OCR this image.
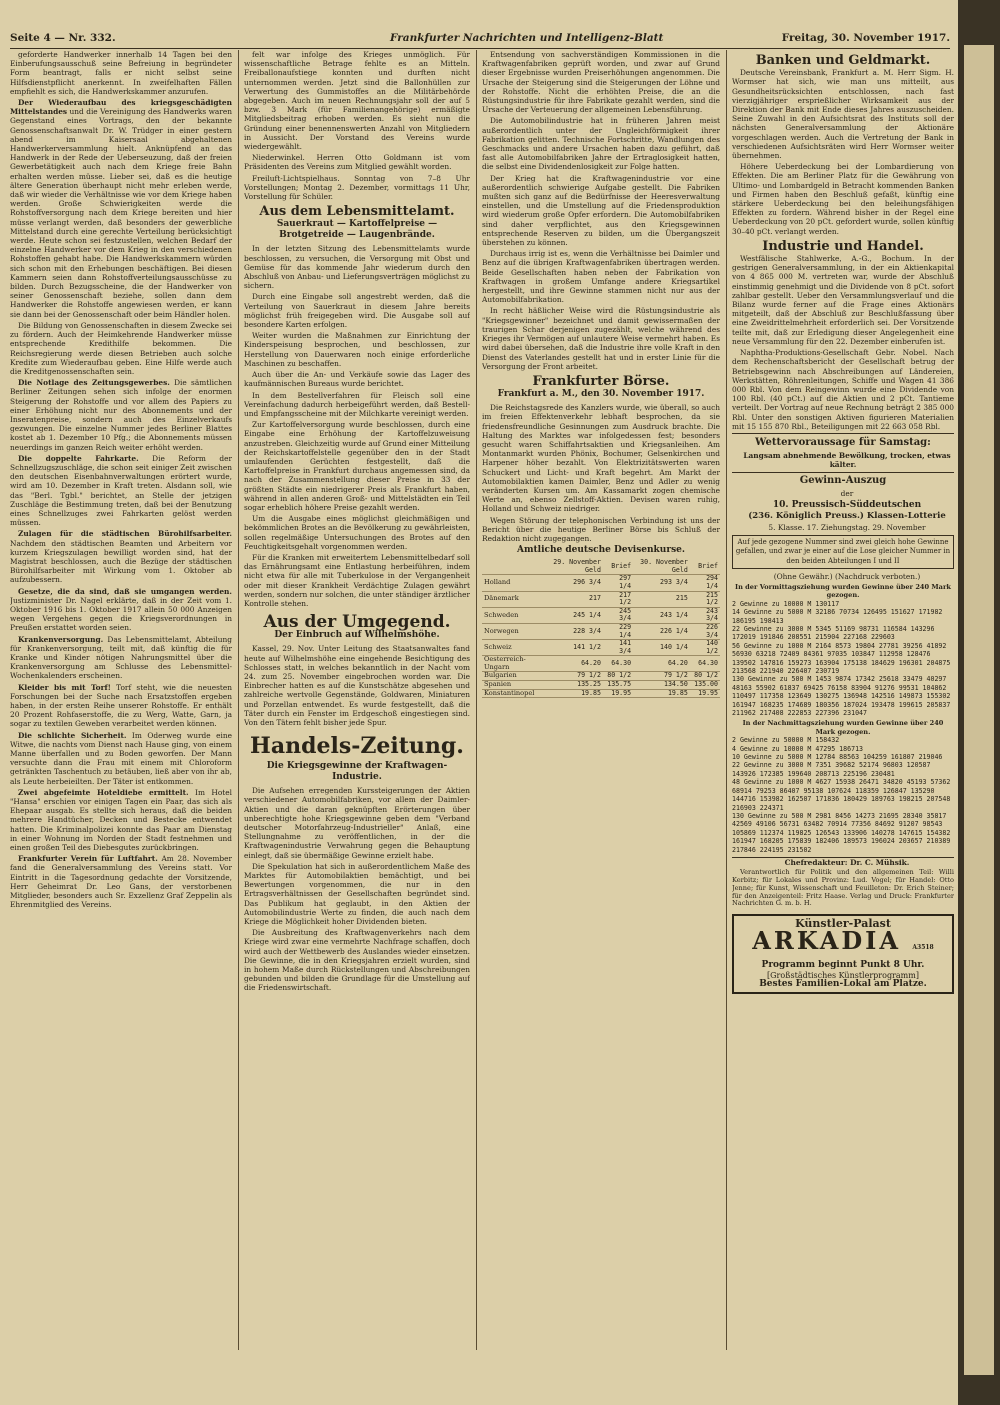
Seite 4 — Nr. 332.	Frankfurter Nachrichten und Intelligenz-Blatt	Freitag, 30. November 1917.

geforderte Handwerker innerhalb 14 Tagen bei den Einberufungsausschuß seine Befreiung in begründeter Form beantragt, falls er nicht selbst seine Hilfsdienstpflicht anerkennt. In zweifelhaften Fällen empfiehlt es sich, die Handwerkskammer anzurufen.

Der Wiederaufbau des kriegsgeschädigten Mittelstandes und die Vereinigung des Handwerks waren Gegenstand eines Vortrags, den der bekannte Genossenschaftsanwalt Dr. W. Trüdger in einer gestern abend im Kaisersaal abgehaltenen Handwerkerversammlung hielt. Anknüpfend an das Handwerk in der Rede der Ueberseuzung, daß der freien Gewerbetätigkeit auch nach dem Kriege freie Bahn erhalten werden müsse. Lieber sei, daß es die heutige ältere Generation überhaupt nicht mehr erleben werde, daß wir wieder die Verhältnisse wie vor dem Kriege haben werden. Große Schwierigkeiten werde die Rohstoffversorgung nach dem Kriege bereiten und hier müsse verlangt werden, daß besonders der gewerbliche Mittelstand durch eine gerechte Verteilung berücksichtigt werde. Heute schon sei festzustellen, welchen Bedarf der einzelne Handwerker vor dem Krieg in den verschiedenen Rohstoffen gehabt habe. Die Handwerkskammern würden sich schon mit den Erhebungen beschäftigen. Bei diesen Kammern seien dann Rohstoffverteilungsausschüsse zu bilden. Durch Bezugsscheine, die der Handwerker von seiner Genossenschaft beziehe, sollen dann dem Handwerker die Rohstoffe angewiesen werden, er kann sie dann bei der Genossenschaft oder beim Händler holen.

Die Bildung von Genossenschaften in diesem Zwecke sei zu fördern. Auch der Heimkehrende Handwerker müsse entsprechende Kredithilfe bekommen. Die Reichsregierung werde diesen Betrieben auch solche Kredite zum Wiederaufbau geben. Eine Hilfe werde auch die Kreditgenossenschaften sein.

Die Notlage des Zeitungsgewerbes. Die sämtlichen Berliner Zeitungen sehen sich infolge der enormen Steigerung der Rohstoffe und vor allem des Papiers zu einer Erhöhung nicht nur des Abonnements und der Inseratenpreise, sondern auch des Einzelverkaufs gezwungen. Die einzelne Nummer jedes Berliner Blattes kostet ab 1. Dezember 10 Pfg.; die Abonnements müssen neuerdings im ganzen Reich weiter erhöht werden.

Die doppelte Fahrkarte. Die Reform der Schnellzugszuschläge, die schon seit einiger Zeit zwischen den deutschen Eisenbahnverwaltungen erörtert wurde, wird am 10. Dezember in Kraft treten. Alsdann soll, wie das "Berl. Tgbl." berichtet, an Stelle der jetzigen Zuschläge die Bestimmung treten, daß bei der Benutzung eines Schnellzuges zwei Fahrkarten gelöst werden müssen.

Zulagen für die städtischen Bürohilfsarbeiter. Nachdem den städtischen Beamten und Arbeitern vor kurzem Kriegszulagen bewilligt worden sind, hat der Magistrat beschlossen, auch die Bezüge der städtischen Bürohilfsarbeiter mit Wirkung vom 1. Oktober ab aufzubessern.

Gesetze, die da sind, daß sie umgangen werden. Justizminister Dr. Nagel erklärte, daß in der Zeit vom 1. Oktober 1916 bis 1. Oktober 1917 allein 50 000 Anzeigen wegen Vergehens gegen die Kriegsverordnungen in Preußen erstattet worden seien.

Krankenversorgung. Das Lebensmittelamt, Abteilung für Krankenversorgung, teilt mit, daß künftig die für Kranke und Kinder nötigen Nahrungsmittel über die Krankenversorgung am Schlusse des Lebensmittel-Wochenkalenders erscheinen.

Kleider bis mit Torf! Torf steht, wie die neuesten Forschungen bei der Suche nach Ersatzstoffen ergeben haben, in der ersten Reihe unserer Rohstoffe. Er enthält 20 Prozent Rohfaserstoffe, die zu Werg, Watte, Garn, ja sogar zu textilen Geweben verarbeitet werden können.

Die schlichte Sicherheit. Im Oderweg wurde eine Witwe, die nachts vom Dienst nach Hause ging, von einem Manne überfallen und zu Boden geworfen. Der Mann versuchte dann die Frau mit einem mit Chloroform getränkten Taschentuch zu betäuben, ließ aber von ihr ab, als Leute herbeieilten. Der Täter ist entkommen.

Zwei abgefeimte Hoteldiebe ermittelt. Im Hotel "Hansa" erschien vor einigen Tagen ein Paar, das sich als Ehepaar ausgab. Es stellte sich heraus, daß die beiden mehrere Handtücher, Decken und Bestecke entwendet hatten. Die Kriminalpolizei konnte das Paar am Dienstag in einer Wohnung im Norden der Stadt festnehmen und einen großen Teil des Diebesgutes zurückbringen.

Frankfurter Verein für Luftfahrt. Am 28. November fand die Generalversammlung des Vereins statt. Vor Eintritt in die Tagesordnung gedachte der Vorsitzende, Herr Geheimrat Dr. Leo Gans, der verstorbenen Mitglieder, besonders auch Sr. Exzellenz Graf Zeppelin als Ehrenmitglied des Vereins.

felt war infolge des Krieges unmöglich. Für wissenschaftliche Betrage fehlte es an Mitteln. Freiballonaufstiege konnten und durften nicht unternommen werden. Jetzt sind die Ballonhüllen zur Verwertung des Gummistoffes an die Militärbehörde abgegeben. Auch im neuen Rechnungsjahr soll der auf 5 bzw. 3 Mark (für Familienangehörige) ermäßigte Mitgliedsbeitrag erhoben werden. Es sieht nun die Gründung einer benennenswerten Anzahl von Mitgliedern in Aussicht. Der Vorstand des Vereins wurde wiedergewählt.

Niederwinkel. Herren Otto Goldmann ist vom Präsidenten des Vereins zum Mitglied gewählt worden.

Freiluft-Lichtspielhaus. Sonntag von 7–8 Uhr Vorstellungen; Montag 2. Dezember, vormittags 11 Uhr, Vorstellung für Schüler.

Aus dem Lebensmittelamt.
Sauerkraut — Kartoffelpreise — Brotgetreide — Laugenbrände.

In der letzten Sitzung des Lebensmittelamts wurde beschlossen, zu versuchen, die Versorgung mit Obst und Gemüse für das kommende Jahr wiederum durch den Abschluß von Anbau- und Lieferungsverträgen möglichst zu sichern.

Durch eine Eingabe soll angestrebt werden, daß die Verteilung von Sauerkraut in diesem Jahre bereits möglichst früh freigegeben wird. Die Ausgabe soll auf besondere Karten erfolgen.

Weiter wurden die Maßnahmen zur Einrichtung der Kinderspeisung besprochen, und beschlossen, zur Herstellung von Dauerwaren noch einige erforderliche Maschinen zu beschaffen.

Auch über die An- und Verkäufe sowie das Lager des kaufmännischen Bureaus wurde berichtet.

In dem Bestellverfahren für Fleisch soll eine Vereinfachung dadurch herbeigeführt werden, daß Bestell- und Empfangsscheine mit der Milchkarte vereinigt werden.

Zur Kartoffelversorgung wurde beschlossen, durch eine Eingabe eine Erhöhung der Kartoffelzuweisung anzustreben. Gleichzeitig wurde auf Grund einer Mitteilung der Reichskartoffelstelle gegenüber den in der Stadt umlaufenden Gerüchten festgestellt, daß die Kartoffelpreise in Frankfurt durchaus angemessen sind, da nach der Zusammenstellung dieser Preise in 33 der größten Städte ein niedrigerer Preis als Frankfurt haben, während in allen anderen Groß- und Mittelstädten ein Teil sogar erheblich höhere Preise gezahlt werden.

Um die Ausgabe eines möglichst gleichmäßigen und bekömmlichen Brotes an die Bevölkerung zu gewährleisten, sollen regelmäßige Untersuchungen des Brotes auf den Feuchtigkeitsgehalt vorgenommen werden.

Für die Kranken mit erweitertem Lebensmittelbedarf soll das Ernährungsamt eine Entlastung herbeiführen, indem nicht etwa für alle mit Tuberkulose in der Vergangenheit oder mit dieser Krankheit Verdächtige Zulagen gewährt werden, sondern nur solchen, die unter ständiger ärztlicher Kontrolle stehen.

Aus der Umgegend.
Der Einbruch auf Wilhelmshöhe.

Kassel, 29. Nov. Unter Leitung des Staatsanwaltes fand heute auf Wilhelmshöhe eine eingehende Besichtigung des Schlosses statt, in welches bekanntlich in der Nacht vom 24. zum 25. November eingebrochen worden war. Die Einbrecher hatten es auf die Kunstschätze abgesehen und zahlreiche wertvolle Gegenstände, Goldwaren, Miniaturen und Porzellan entwendet. Es wurde festgestellt, daß die Täter durch ein Fenster im Erdgeschoß eingestiegen sind. Von den Tätern fehlt bisher jede Spur.

Handels-Zeitung.
Die Kriegsgewinne der Kraftwagen-Industrie.

Die Aufsehen erregenden Kurssteigerungen der Aktien verschiedener Automobilfabriken, vor allem der Daimler-Aktien und die daran geknüpften Erörterungen über unberechtigte hohe Kriegsgewinne geben dem "Verband deutscher Motorfahrzeug-Industrieller" Anlaß, eine Stellungnahme zu veröffentlichen, in der die Kraftwagenindustrie Verwahrung gegen die Behauptung einlegt, daß sie übermäßige Gewinne erzielt habe.

Die Spekulation hat sich in außerordentlichem Maße des Marktes für Automobilaktien bemächtigt, und bei Bewertungen vorgenommen, die nur in den Ertragsverhältnissen der Gesellschaften begründet sind. Das Publikum hat geglaubt, in den Aktien der Automobilindustrie Werte zu finden, die auch nach dem Kriege die Möglichkeit hoher Dividenden bieten.

Die Ausbreitung des Kraftwagenverkehrs nach dem Kriege wird zwar eine vermehrte Nachfrage schaffen, doch wird auch der Wettbewerb des Auslandes wieder einsetzen. Die Gewinne, die in den Kriegsjahren erzielt wurden, sind in hohem Maße durch Rückstellungen und Abschreibungen gebunden und bilden die Grundlage für die Umstellung auf die Friedenswirtschaft.

Entsendung von sachverständigen Kommissionen in die Kraftwagenfabriken geprüft worden, und zwar auf Grund dieser Ergebnisse wurden Preiserhöhungen angenommen. Die Ursache der Steigerung sind die Steigerungen der Löhne und der Rohstoffe. Nicht die erhöhten Preise, die an die Rüstungsindustrie für ihre Fabrikate gezahlt werden, sind die Ursache der Verteuerung der allgemeinen Lebensführung.

Die Automobilindustrie hat in früheren Jahren meist außerordentlich unter der Ungleichförmigkeit ihrer Fabrikation gelitten. Technische Fortschritte, Wandlungen des Geschmacks und andere Ursachen haben dazu geführt, daß fast alle Automobilfabriken Jahre der Ertraglosigkeit hatten, die selbst eine Dividendenlosigkeit zur Folge hatten.

Der Krieg hat die Kraftwagenindustrie vor eine außerordentlich schwierige Aufgabe gestellt. Die Fabriken mußten sich ganz auf die Bedürfnisse der Heeresverwaltung einstellen, und die Umstellung auf die Friedensproduktion wird wiederum große Opfer erfordern. Die Automobilfabriken sind daher verpflichtet, aus den Kriegsgewinnen entsprechende Reserven zu bilden, um die Übergangszeit überstehen zu können.

Durchaus irrig ist es, wenn die Verhältnisse bei Daimler und Benz auf die übrigen Kraftwagenfabriken übertragen werden. Beide Gesellschaften haben neben der Fabrikation von Kraftwagen in großem Umfange andere Kriegsartikel hergestellt, und ihre Gewinne stammen nicht nur aus der Automobilfabrikation.

In recht häßlicher Weise wird die Rüstungsindustrie als "Kriegsgewinner" bezeichnet und damit gewissermaßen der traurigen Schar derjenigen zugezählt, welche während des Krieges ihr Vermögen auf unlautere Weise vermehrt haben. Es wird dabei übersehen, daß die Industrie ihre volle Kraft in den Dienst des Vaterlandes gestellt hat und in erster Linie für die Versorgung der Front arbeitet.

Frankfurter Börse.
Frankfurt a. M., den 30. November 1917.

Die Reichstagsrede des Kanzlers wurde, wie überall, so auch im freien Effektenverkehr lebhaft besprochen, da sie friedensfreundliche Gesinnungen zum Ausdruck brachte. Die Haltung des Marktes war infolgedessen fest; besonders gesucht waren Schiffahrtsaktien und Kriegsanleihen. Am Montanmarkt wurden Phönix, Bochumer, Gelsenkirchen und Harpener höher bezahlt. Von Elektrizitätswerten waren Schuckert und Licht- und Kraft begehrt. Am Markt der Automobilaktien kamen Daimler, Benz und Adler zu wenig veränderten Kursen um. Am Kassamarkt zogen chemische Werte an, ebenso Zellstoff-Aktien. Devisen waren ruhig, Holland und Schweiz niedriger.

Wegen Störung der telephonischen Verbindung ist uns der Bericht über die heutige Berliner Börse bis Schluß der Redaktion nicht zugegangen.

Amtliche deutsche Devisenkurse.
	29. November Geld	Brief	30. November Geld	Brief
Holland	296 3/4	297 1/4	293 3/4	294 1/4
Dänemark	217	217 1/2	215	215 1/2
Schweden	245 1/4	245 3/4	243 1/4	243 3/4
Norwegen	228 3/4	229 1/4	226 1/4	226 3/4
Schweiz	141 1/2	141 3/4	140 1/4	140 1/2
Oesterreich-Ungarn	64.20	64.30	64.20	64.30
Bulgarien	79 1/2	80 1/2	79 1/2	80 1/2
Spanien	135.25	135.75	134.50	135.00
Konstantinopel	19.85	19.95	19.85	19.95
Banken und Geldmarkt.

Deutsche Vereinsbank, Frankfurt a. M. Herr Sigm. H. Wormser hat sich, wie man uns mitteilt, aus Gesundheitsrücksichten entschlossen, nach fast vierzigjähriger ersprießlicher Wirksamkeit aus der Direktion der Bank mit Ende dieses Jahres auszuscheiden. Seine Zuwahl in den Aufsichtsrat des Instituts soll der nächsten Generalversammlung der Aktionäre vorgeschlagen werden. Auch die Vertretung der Bank in verschiedenen Aufsichtsräten wird Herr Wormser weiter übernehmen.

Höhere Ueberdeckung bei der Lombardierung von Effekten. Die am Berliner Platz für die Gewährung von Ultimo- und Lombardgeld in Betracht kommenden Banken und Firmen haben den Beschluß gefaßt, künftig eine stärkere Ueberdeckung bei den beleihungsfähigen Effekten zu fordern. Während bisher in der Regel eine Ueberdeckung von 20 pCt. gefordert wurde, sollen künftig 30–40 pCt. verlangt werden.

Industrie und Handel.

Westfälische Stahlwerke, A.-G., Bochum. In der gestrigen Generalversammlung, in der ein Aktienkapital von 4 865 000 M. vertreten war, wurde der Abschluß einstimmig genehmigt und die Dividende von 8 pCt. sofort zahlbar gestellt. Ueber den Versammlungsverlauf und die Bilanz wurde ferner auf die Frage eines Aktionärs mitgeteilt, daß der Abschluß zur Beschlußfassung über eine Zweidrittelmehrheit erforderlich sei. Der Vorsitzende teilte mit, daß zur Erledigung dieser Angelegenheit eine neue Versammlung für den 22. Dezember einberufen ist.

Naphtha-Produktions-Gesellschaft Gebr. Nobel. Nach dem Rechenschaftsbericht der Gesellschaft betrug der Betriebsgewinn nach Abschreibungen auf Ländereien, Werkstätten, Röhrenleitungen, Schiffe und Wagen 41 386 000 Rbl. Von dem Reingewinn wurde eine Dividende von 100 Rbl. (40 pCt.) auf die Aktien und 2 pCt. Tantieme verteilt. Der Vortrag auf neue Rechnung beträgt 2 385 000 Rbl. Unter den sonstigen Aktiven figurieren Materialien mit 15 155 870 Rbl., Beteiligungen mit 22 663 058 Rbl.

Wettervoraussage für Samstag:

Langsam abnehmende Bewölkung, trocken, etwas kälter.

Gewinn-Auszug

der

10. Preussisch-Süddeutschen

(236. Königlich Preuss.) Klassen-Lotterie

5. Klasse. 17. Ziehungstag. 29. November

Auf jede gezogene Nummer sind zwei gleich hohe Gewinne gefallen, und zwar je einer auf die Lose gleicher Nummer in den beiden Abteilungen I und II

(Ohne Gewähr.) (Nachdruck verboten.)

In der Vormittagsziehung wurden Gewinne über 240 Mark gezogen.

2 Gewinne zu 10000 M 130117

14 Gewinne zu 5000 M 32186 70734 126495 151627 171982 186195 198413

22 Gewinne zu 3000 M 5345 51169 98731 116584 143296 172019 191846 208551 215904 227168 229603

56 Gewinne zu 1000 M 2164 8573 19804 27781 39256 41892 56930 63218 72409 84361 97035 103847 112958 128476 139502 147816 159273 163904 175138 184629 196301 204875 213568 221940 226407 230719

130 Gewinne zu 500 M 1453 9874 17342 25618 33479 40297 48163 55902 61837 69425 76158 83904 91276 99531 104862 110497 117358 123649 130275 136948 142516 149873 155302 161947 168235 174689 180356 187024 193478 199615 205837 211962 217408 222853 227396 231047

In der Nachmittagsziehung wurden Gewinne über 240 Mark gezogen.

2 Gewinne zu 50000 M 158432

4 Gewinne zu 10000 M 47295 186713

10 Gewinne zu 5000 M 12784 88563 104259 161807 219046

22 Gewinne zu 3000 M 7351 39682 52174 96803 120587 143926 172385 199640 208713 225196 230481

48 Gewinne zu 1000 M 4627 15938 26471 34820 45193 57362 68914 79253 86407 95138 107624 118359 126847 135290 144716 153982 162507 171836 180429 189763 198215 207548 216903 224371

130 Gewinne zu 500 M 2981 8456 14273 21695 28340 35817 42569 49106 56731 63482 70914 77356 84692 91207 98543 105869 112374 119825 126543 133906 140278 147615 154382 161947 168205 175839 182406 189573 196024 203657 210389 217846 224195 231502

Chefredakteur: Dr. C. Mühsik.

Verantwortlich für Politik und den allgemeinen Teil: Willi Kerbitz; für Lokales und Provinz: Lud. Vogel; für Handel: Otto Jenne; für Kunst, Wissenschaft und Feuilleton: Dr. Erich Steiner; für den Anzeigenteil: Fritz Haase. Verlag und Druck: Frankfurter Nachrichten G. m. b. H.

Künstler-Palast
ARKADIA A3518
Programm beginnt Punkt 8 Uhr.
[Großstädtisches Künstlerprogramm]
Bestes Familien-Lokal am Platze.
